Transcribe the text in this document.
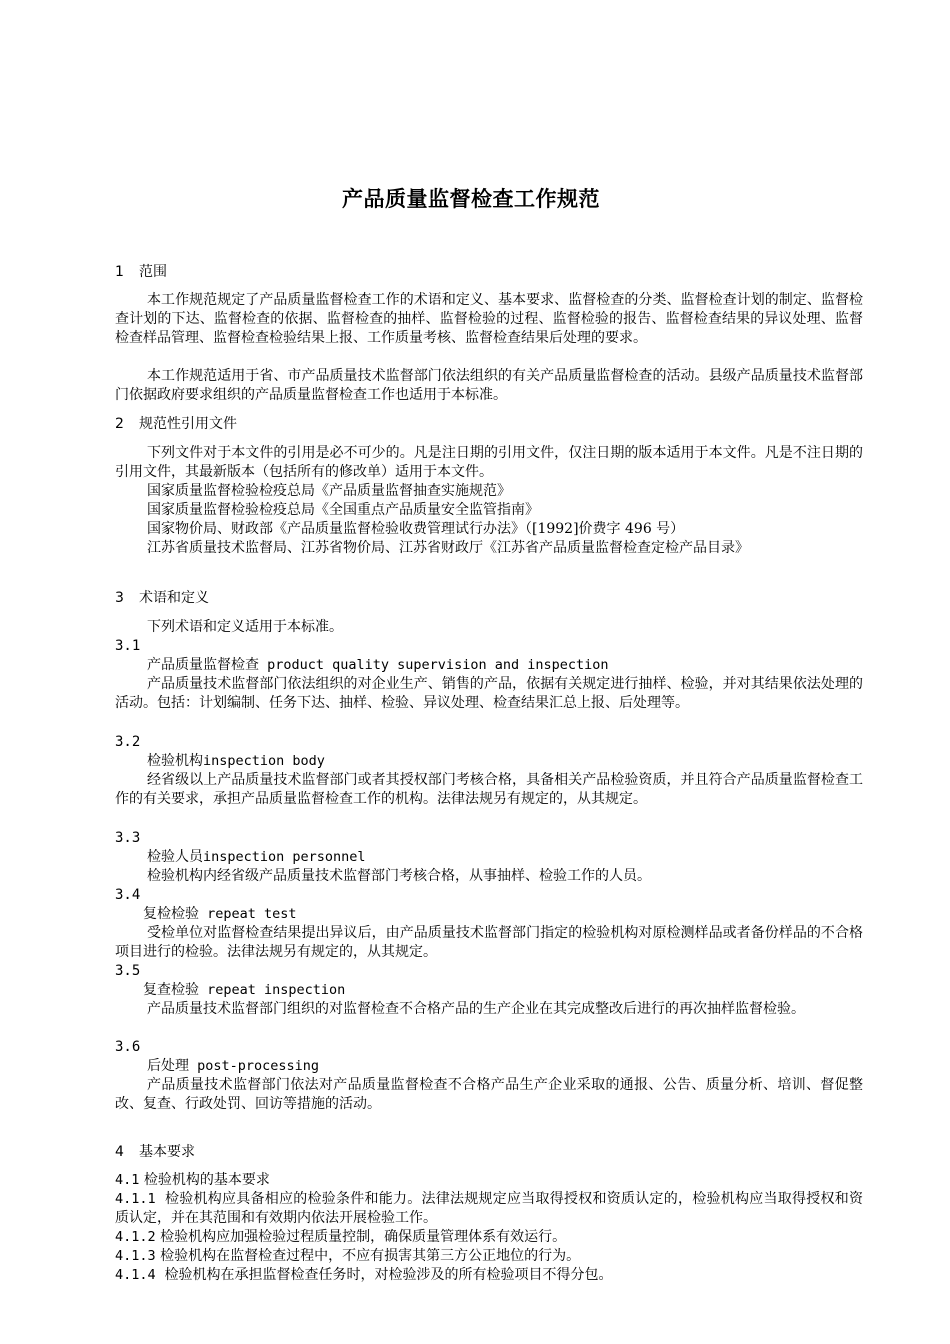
产品质量监督检查工作规范
1 范围
本工作规范规定了产品质量监督检查工作的术语和定义、基本要求、监督检查的分类、监督检查计划的制定、监督检查计划的下达、监督检查的依据、监督检查的抽样、监督检验的过程、监督检验的报告、监督检查结果的异议处理、监督检查样品管理、监督检查检验结果上报、工作质量考核、监督检查结果后处理的要求。
本工作规范适用于省、市产品质量技术监督部门依法组织的有关产品质量监督检查的活动。县级产品质量技术监督部门依据政府要求组织的产品质量监督检查工作也适用于本标准。
2 规范性引用文件
下列文件对于本文件的引用是必不可少的。凡是注日期的引用文件，仅注日期的版本适用于本文件。凡是不注日期的引用文件，其最新版本（包括所有的修改单）适用于本文件。
国家质量监督检验检疫总局《产品质量监督抽查实施规范》
国家质量监督检验检疫总局《全国重点产品质量安全监管指南》
国家物价局、财政部《产品质量监督检验收费管理试行办法》（[1992]价费字 496 号）
江苏省质量技术监督局、江苏省物价局、江苏省财政厅《江苏省产品质量监督检查定检产品目录》
3 术语和定义
下列术语和定义适用于本标准。
3.1
产品质量监督检查 product quality supervision and inspection
产品质量技术监督部门依法组织的对企业生产、销售的产品，依据有关规定进行抽样、检验，并对其结果依法处理的活动。包括：计划编制、任务下达、抽样、检验、异议处理、检查结果汇总上报、后处理等。
3.2
检验机构inspection body
经省级以上产品质量技术监督部门或者其授权部门考核合格，具备相关产品检验资质，并且符合产品质量监督检查工作的有关要求，承担产品质量监督检查工作的机构。法律法规另有规定的，从其规定。
3.3
检验人员inspection personnel
检验机构内经省级产品质量技术监督部门考核合格，从事抽样、检验工作的人员。
3.4
复检检验 repeat test
受检单位对监督检查结果提出异议后，由产品质量技术监督部门指定的检验机构对原检测样品或者备份样品的不合格项目进行的检验。法律法规另有规定的，从其规定。
3.5
复查检验 repeat inspection
产品质量技术监督部门组织的对监督检查不合格产品的生产企业在其完成整改后进行的再次抽样监督检验。
3.6
后处理 post-processing
产品质量技术监督部门依法对产品质量监督检查不合格产品生产企业采取的通报、公告、质量分析、培训、督促整改、复查、行政处罚、回访等措施的活动。
4 基本要求
4.1 检验机构的基本要求
4.1.1 检验机构应具备相应的检验条件和能力。法律法规规定应当取得授权和资质认定的，检验机构应当取得授权和资质认定，并在其范围和有效期内依法开展检验工作。
4.1.2 检验机构应加强检验过程质量控制，确保质量管理体系有效运行。
4.1.3 检验机构在监督检查过程中，不应有损害其第三方公正地位的行为。
4.1.4 检验机构在承担监督检查任务时，对检验涉及的所有检验项目不得分包。
